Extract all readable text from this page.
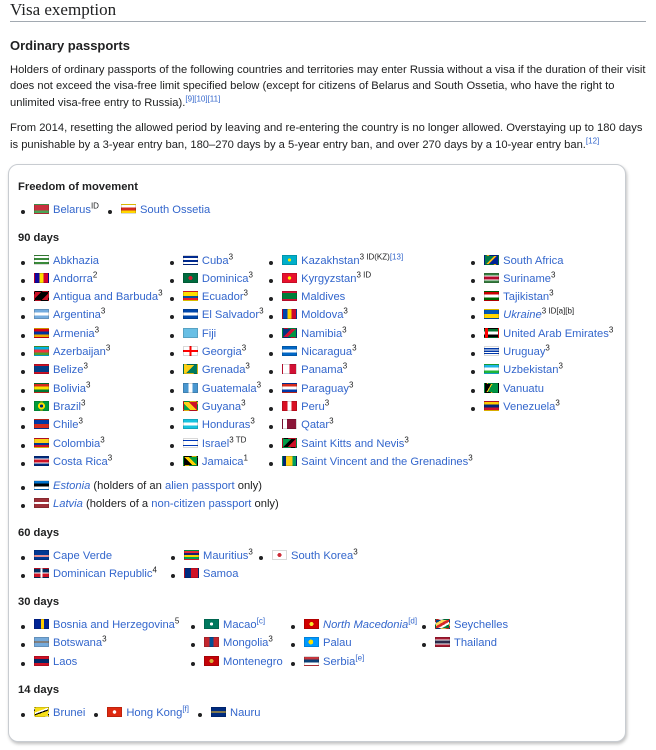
Visa exemption
Ordinary passports

Holders of ordinary passports of the following countries and territories may enter Russia without a visa if the duration of their visit does not exceed the visa-free limit specified below (except for citizens of Belarus and South Ossetia, who have the right to unlimited visa-free entry to Russia).[9][10][11]

From 2014, resetting the allowed period by leaving and re-entering the country is no longer allowed. Overstaying up to 180 days is punishable by a 3-year entry ban, 180–270 days by a 5-year entry ban, and over 270 days by a 10-year entry ban.[12]

Freedom of movement
Belarus$^{ID}$	South Ossetia
90 days
Abkhazia
Andorra$^2$
Antigua and Barbuda$^3$
Argentina$^3$
Armenia$^3$
Azerbaijan$^3$
Belize$^3$
Bolivia$^3$
Brazil$^3$
Chile$^3$
Colombia$^3$
Costa Rica$^3$
Cuba$^3$
Dominica$^3$
Ecuador$^3$
El Salvador$^3$
Fiji
Georgia$^3$
Grenada$^3$
Guatemala$^3$
Guyana$^3$
Honduras$^3$
Israel$^{3 TD}$
Jamaica$^1$
Kazakhstan$^{3 ID(KZ)[13]}$
Kyrgyzstan$^{3 ID}$
Maldives
Moldova$^3$
Namibia$^3$
Nicaragua$^3$
Panama$^3$
Paraguay$^3$
Peru$^3$
Qatar$^3$
Saint Kitts and Nevis$^3$
Saint Vincent and the Grenadines$^3$
South Africa
Suriname$^3$
Tajikistan$^3$
Ukraine$^{3 ID[a][b]}$
United Arab Emirates$^3$
Uruguay$^3$
Uzbekistan$^3$
Vanuatu
Venezuela$^3$
Estonia (holders of an alien passport only)
Latvia (holders of a non-citizen passport only)
60 days
Cape Verde
Dominican Republic$^4$
Mauritius$^3$
Samoa
South Korea$^3$
30 days
Bosnia and Herzegovina$^5$
Botswana$^3$
Laos
Macao[c]
Mongolia$^3$
Montenegro
North Macedonia[d]
Palau
Serbia[e]
Seychelles
Thailand
14 days
Brunei	Hong Kong[f]	Nauru
